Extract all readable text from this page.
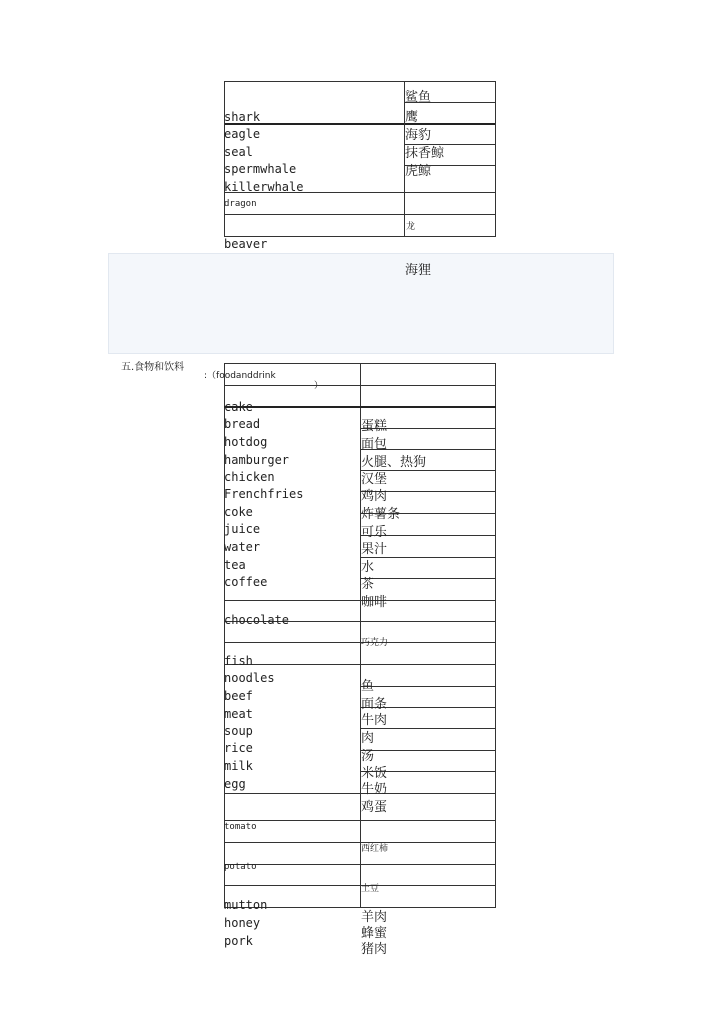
shark
eagle
seal
spermwhale
killerwhale
dragon
beaver
鲨鱼
鹰
海豹
抹香鲸
虎鲸
龙
海狸
五.食物和饮料
:（foodanddrink
）
cake
bread
hotdog
hamburger
chicken
Frenchfries
coke
juice
water
tea
coffee
chocolate
fish
noodles
beef
meat
soup
rice
milk
egg
tomato
potato
mutton
honey
pork
蛋糕
面包
火腿、热狗
汉堡
鸡肉
炸薯条
可乐
果汁
水
茶
咖啡
巧克力
鱼
面条
牛肉
肉
汤
米饭
牛奶
鸡蛋
西红柿
土豆
羊肉
蜂蜜
猪肉
